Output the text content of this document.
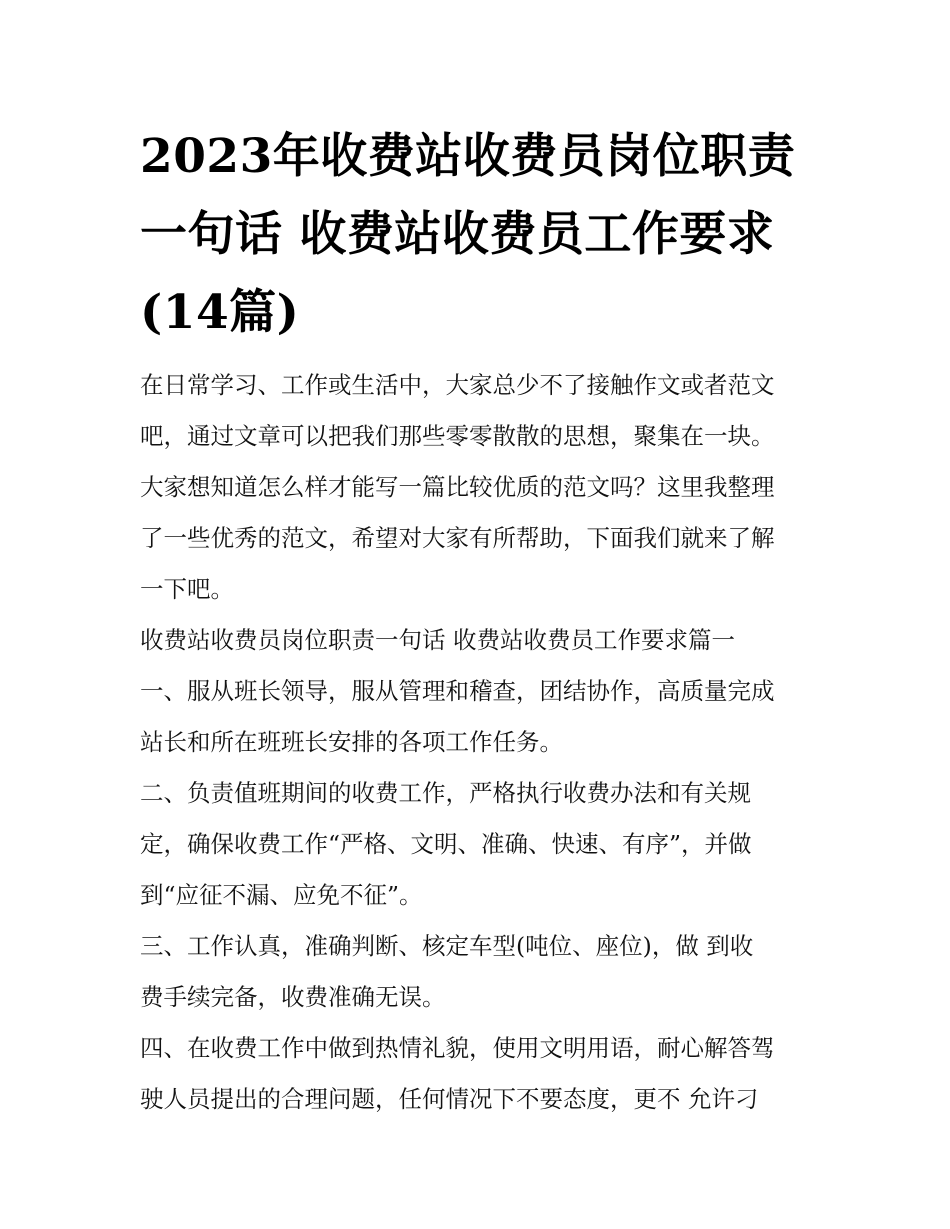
2023年收费站收费员岗位职责
一句话 收费站收费员工作要求
(14篇)

在日常学习、工作或生活中，大家总少不了接触作文或者范文
吧，通过文章可以把我们那些零零散散的思想，聚集在一块。
大家想知道怎么样才能写一篇比较优质的范文吗？这里我整理
了一些优秀的范文，希望对大家有所帮助，下面我们就来了解
一下吧。

收费站收费员岗位职责一句话 收费站收费员工作要求篇一

一、服从班长领导，服从管理和稽查，团结协作，高质量完成
站长和所在班班长安排的各项工作任务。

二、负责值班期间的收费工作，严格执行收费办法和有关规
定，确保收费工作“严格、文明、准确、快速、有序”，并做
到“应征不漏、应免不征”。

三、工作认真，准确判断、核定车型(吨位、座位)，做 到收
费手续完备，收费准确无误。

四、在收费工作中做到热情礼貌，使用文明用语，耐心解答驾
驶人员提出的合理问题，任何情况下不要态度，更不 允许刁
